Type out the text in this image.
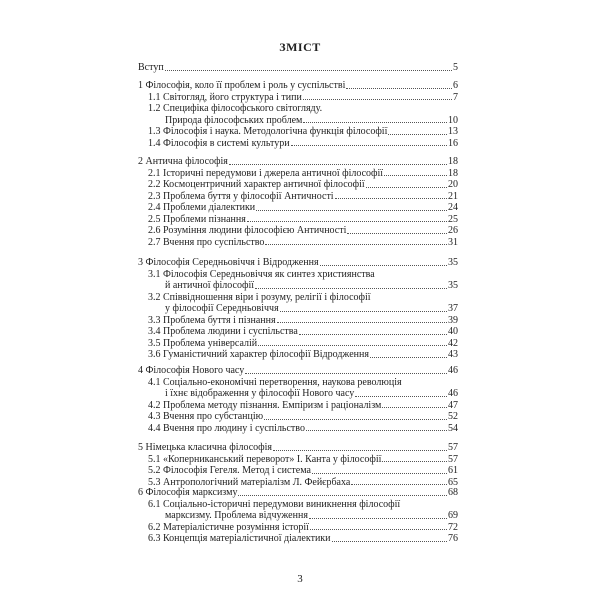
ЗМІСТ
Вступ	5
1 Філософія, коло її проблем і роль у суспільстві	6
1.1 Світогляд, його структура і типи	7
1.2 Специфіка філософського світогляду.
Природа філософських проблем	10
1.3 Філософія і наука. Методологічна функція філософії	13
1.4 Філософія в системі культури	16
2 Антична філософія	18
2.1 Історичні передумови і джерела античної філософії	18
2.2 Космоцентричний характер античної філософії	20
2.3 Проблема буття у філософії Античності	21
2.4 Проблеми діалектики	24
2.5 Проблеми пізнання	25
2.6 Розуміння людини філософією Античності	26
2.7 Вчення про суспільство	31
3 Філософія Середньовіччя і Відродження	35
3.1 Філософія Середньовіччя як синтез християнства
й античної філософії	35
3.2 Співвідношення віри і розуму, релігії і філософії
у філософії Середньовіччя	37
3.3 Проблема буття і пізнання	39
3.4 Проблема людини і суспільства	40
3.5 Проблема універсалій	42
3.6 Гуманістичний характер філософії Відродження	43
4 Філософія Нового часу	46
4.1 Соціально-економічні перетворення, наукова революція
і їхнє відображення у філософії Нового часу	46
4.2 Проблема методу пізнання. Емпіризм і раціоналізм	47
4.3 Вчення про субстанцію	52
4.4 Вчення про людину і суспільство	54
5 Німецька класична філософія	57
5.1 «Коперниканський переворот» І. Канта у філософії	57
5.2 Філософія Гегеля. Метод і система	61
5.3 Антропологічний матеріалізм Л. Фейєрбаха	65
6 Філософія марксизму	68
6.1 Соціально-історичні передумови виникнення філософії
марксизму. Проблема відчуження	69
6.2 Матеріалістичне розуміння історії	72
6.3 Концепція матеріалістичної діалектики	76
3
